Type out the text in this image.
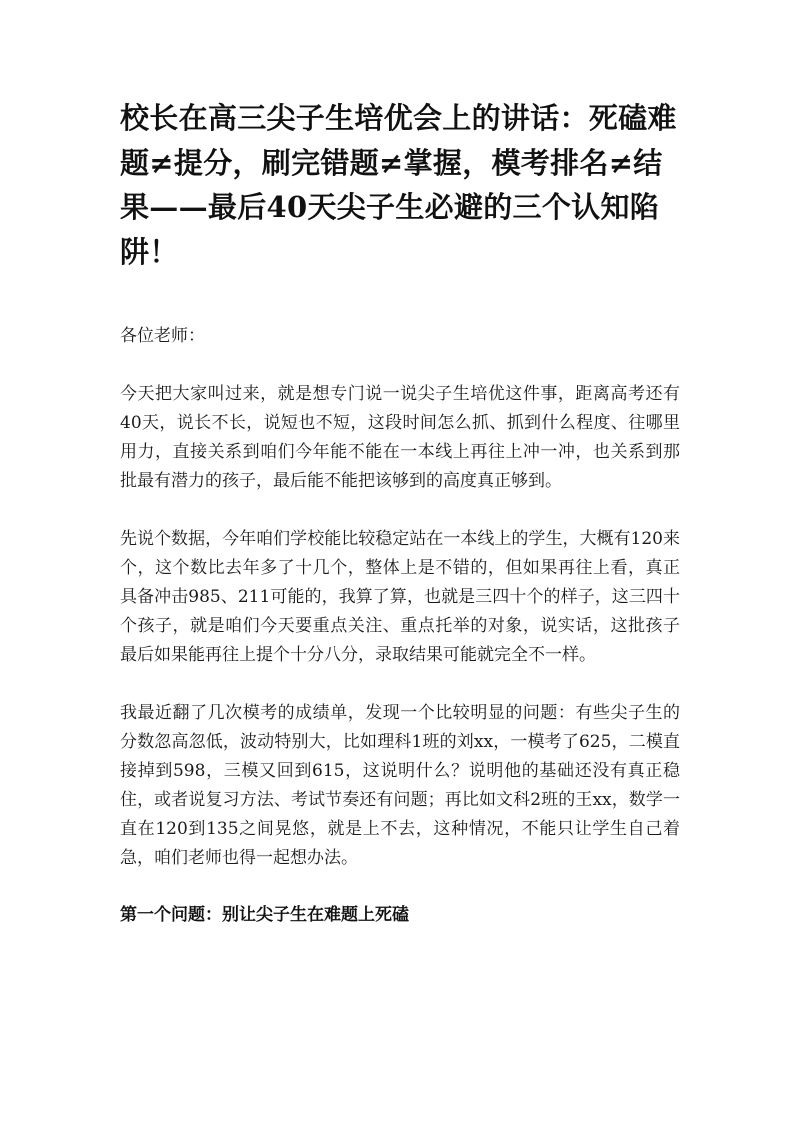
校长在高三尖子生培优会上的讲话：死磕难题≠提分，刷完错题≠掌握，模考排名≠结果——最后40天尖子生必避的三个认知陷阱！

各位老师：

今天把大家叫过来，就是想专门说一说尖子生培优这件事，距离高考还有40天，说长不长，说短也不短，这段时间怎么抓、抓到什么程度、往哪里用力，直接关系到咱们今年能不能在一本线上再往上冲一冲，也关系到那批最有潜力的孩子，最后能不能把该够到的高度真正够到。

先说个数据，今年咱们学校能比较稳定站在一本线上的学生，大概有120来个，这个数比去年多了十几个，整体上是不错的，但如果再往上看，真正具备冲击985、211可能的，我算了算，也就是三四十个的样子，这三四十个孩子，就是咱们今天要重点关注、重点托举的对象，说实话，这批孩子最后如果能再往上提个十分八分，录取结果可能就完全不一样。

我最近翻了几次模考的成绩单，发现一个比较明显的问题：有些尖子生的分数忽高忽低，波动特别大，比如理科1班的刘xx，一模考了625，二模直接掉到598，三模又回到615，这说明什么？说明他的基础还没有真正稳住，或者说复习方法、考试节奏还有问题；再比如文科2班的王xx，数学一直在120到135之间晃悠，就是上不去，这种情况，不能只让学生自己着急，咱们老师也得一起想办法。

第一个问题：别让尖子生在难题上死磕
